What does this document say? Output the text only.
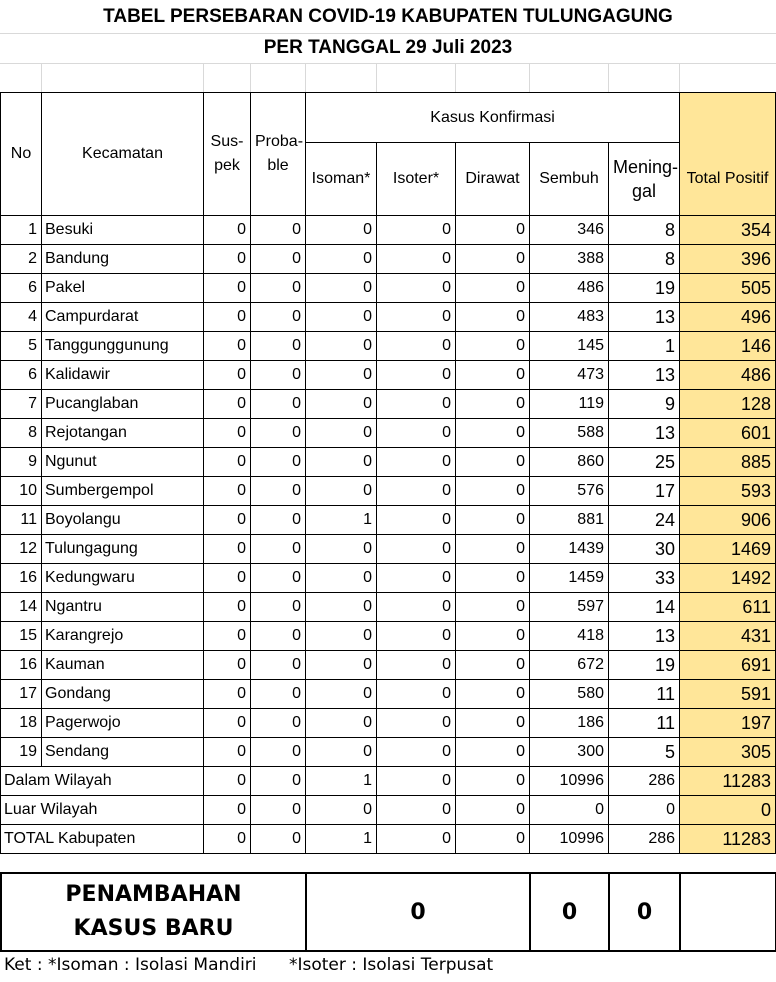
TABEL PERSEBARAN COVID-19 KABUPATEN TULUNGAGUNG
PER TANGGAL 29 Juli 2023
No	Kecamatan	Sus-pek	Proba-ble	Kasus Konfirmasi					
				Isoman*	Isoter*	Dirawat	Sembuh	Mening-gal	Total Positif
1	Besuki	0	0	0	0	0	346	8	354
2	Bandung	0	0	0	0	0	388	8	396
6	Pakel	0	0	0	0	0	486	19	505
4	Campurdarat	0	0	0	0	0	483	13	496
5	Tanggunggunung	0	0	0	0	0	145	1	146
6	Kalidawir	0	0	0	0	0	473	13	486
7	Pucanglaban	0	0	0	0	0	119	9	128
8	Rejotangan	0	0	0	0	0	588	13	601
9	Ngunut	0	0	0	0	0	860	25	885
10	Sumbergempol	0	0	0	0	0	576	17	593
11	Boyolangu	0	0	1	0	0	881	24	906
12	Tulungagung	0	0	0	0	0	1439	30	1469
16	Kedungwaru	0	0	0	0	0	1459	33	1492
14	Ngantru	0	0	0	0	0	597	14	611
15	Karangrejo	0	0	0	0	0	418	13	431
16	Kauman	0	0	0	0	0	672	19	691
17	Gondang	0	0	0	0	0	580	11	591
18	Pagerwojo	0	0	0	0	0	186	11	197
19	Sendang	0	0	0	0	0	300	5	305
Dalam Wilayah		0	0	1	0	0	10996	286	11283
Luar Wilayah		0	0	0	0	0	0	0	0
TOTAL Kabupaten		0	0	1	0	0	10996	286	11283
PENAMBAHAN
KASUS BARU
	0	0	0	
Ket : *Isoman : Isolasi Mandiri *Isoter : Isolasi Terpusat
